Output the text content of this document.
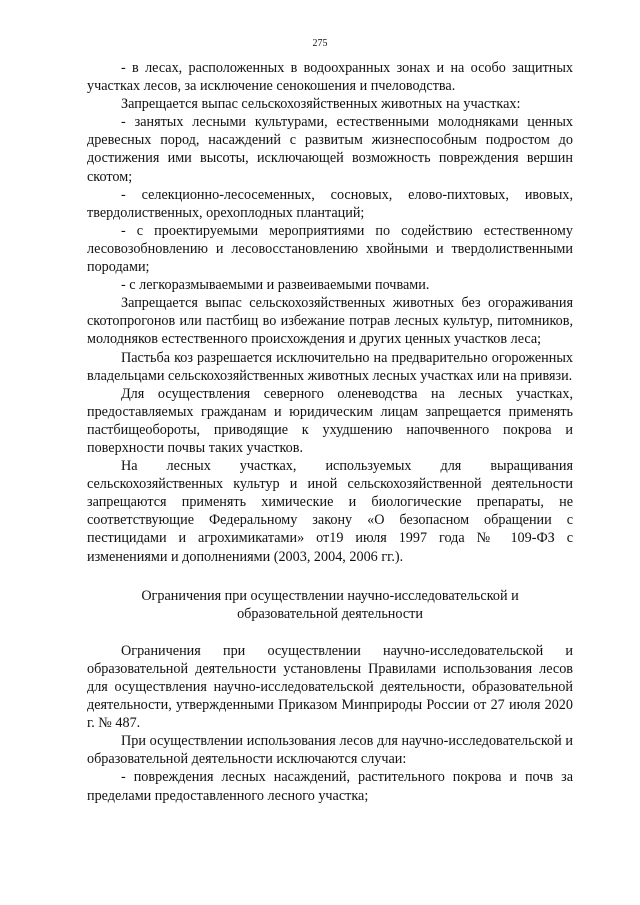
275

- в лесах, расположенных в водоохранных зонах и на особо защитных участках лесов, за исключение сенокошения и пчеловодства.

Запрещается выпас сельскохозяйственных животных на участках:

- занятых лесными культурами, естественными молодняками ценных древесных пород, насаждений с развитым жизнеспособным подростом до достижения ими высоты, исключающей возможность повреждения вершин скотом;

- селекционно-лесосеменных, сосновых, елово-пихтовых, ивовых, твердолиственных, орехоплодных плантаций;

- с проектируемыми мероприятиями по содействию естественному лесовозобновлению и лесовосстановлению хвойными и твердолиственными породами;

- с легкоразмываемыми и развеиваемыми почвами.

Запрещается выпас сельскохозяйственных животных без огораживания скотопрогонов или пастбищ во избежание потрав лесных культур, питомников, молодняков естественного происхождения и других ценных участков леса;

Пастьба коз разрешается исключительно на предварительно огороженных владельцами сельскохозяйственных животных лесных участках или на привязи.

Для осуществления северного оленеводства на лесных участках, предоставляемых гражданам и юридическим лицам запрещается применять пастбищеобороты, приводящие к ухудшению напочвенного покрова и поверхности почвы таких участков.

На лесных участках, используемых для выращивания сельскохозяйственных культур и иной сельскохозяйственной деятельности запрещаются применять химические и биологические препараты, не соответствующие Федеральному закону «О безопасном обращении с пестицидами и агрохимикатами» от19 июля 1997 года № 109-ФЗ с изменениями и дополнениями (2003, 2004, 2006 гг.).

Ограничения при осуществлении научно-исследовательской и образовательной деятельности

Ограничения при осуществлении научно-исследовательской и образовательной деятельности установлены Правилами использования лесов для осуществления научно-исследовательской деятельности, образовательной деятельности, утвержденными Приказом Минприроды России от 27 июля 2020 г. № 487.

При осуществлении использования лесов для научно-исследовательской и образовательной деятельности исключаются случаи:

- повреждения лесных насаждений, растительного покрова и почв за пределами предоставленного лесного участка;
